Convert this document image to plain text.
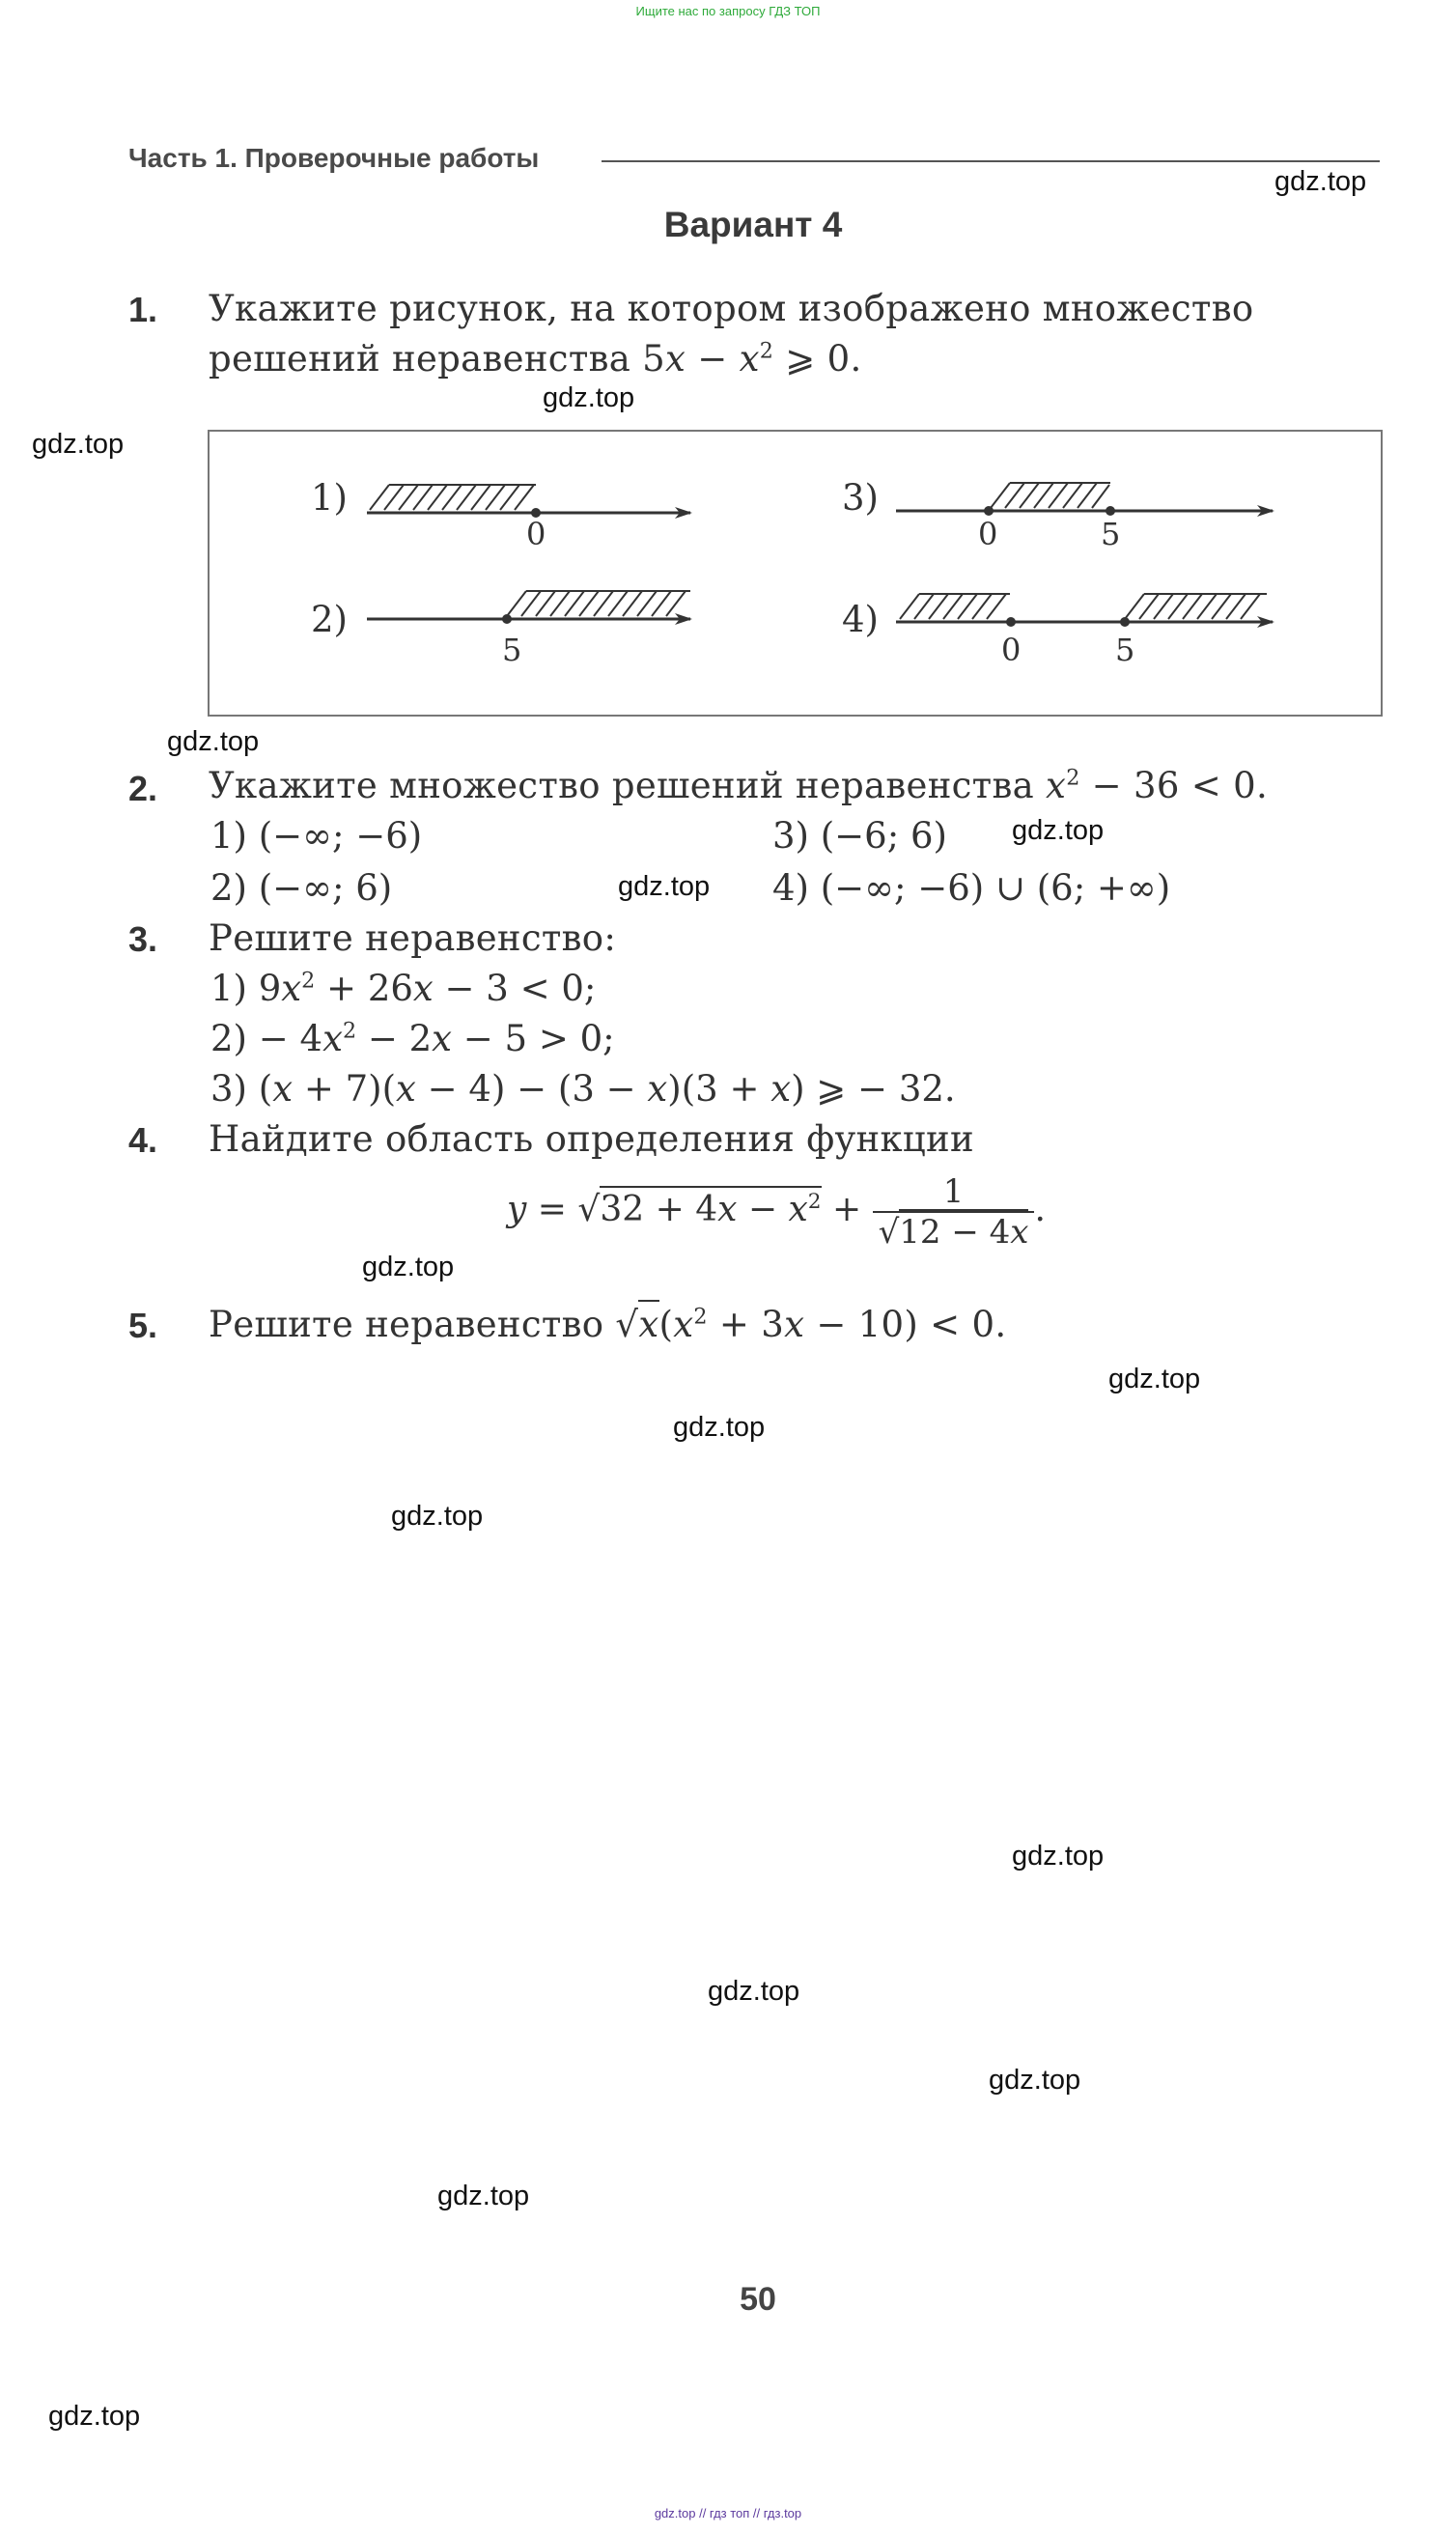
Ищите нас по запросу ГДЗ ТОП
Часть 1. Проверочные работы
gdz.top
Вариант 4
1. Укажите рисунок, на котором изображено множество
решений неравенства $5x - x^2$ ⩾ 0.
gdz.top
gdz.top
1)
2)
3)
4)
0
5
0	5
0	5
gdz.top
2. Укажите множество решений неравенства $x^2 - 36 < 0$.
1) (−∞; −6)
2) (−∞; 6)
3) (−6; 6)
4) (−∞; −6) ∪ (6; +∞)
gdz.top
gdz.top
3. Решите неравенство:
1) $9x^2 + 26x - 3 < 0$;
$2) - 4x^2 - 2x - 5 > 0$;
3) (x + 7)(x − 4) − (3 − x)(3 + x) ⩾ − 32.
4. Найдите область определения функции
$y = √32 + 4x - x^2 + \frac{1}{√12 - 4x}$ .
gdz.top
5. Решите неравенство $√x(x^2 + 3x - 10) < 0$.
gdz.top
gdz.top
gdz.top
gdz.top
gdz.top
gdz.top
gdz.top
50
gdz.top
gdz.top // гдз топ // гдз.top
